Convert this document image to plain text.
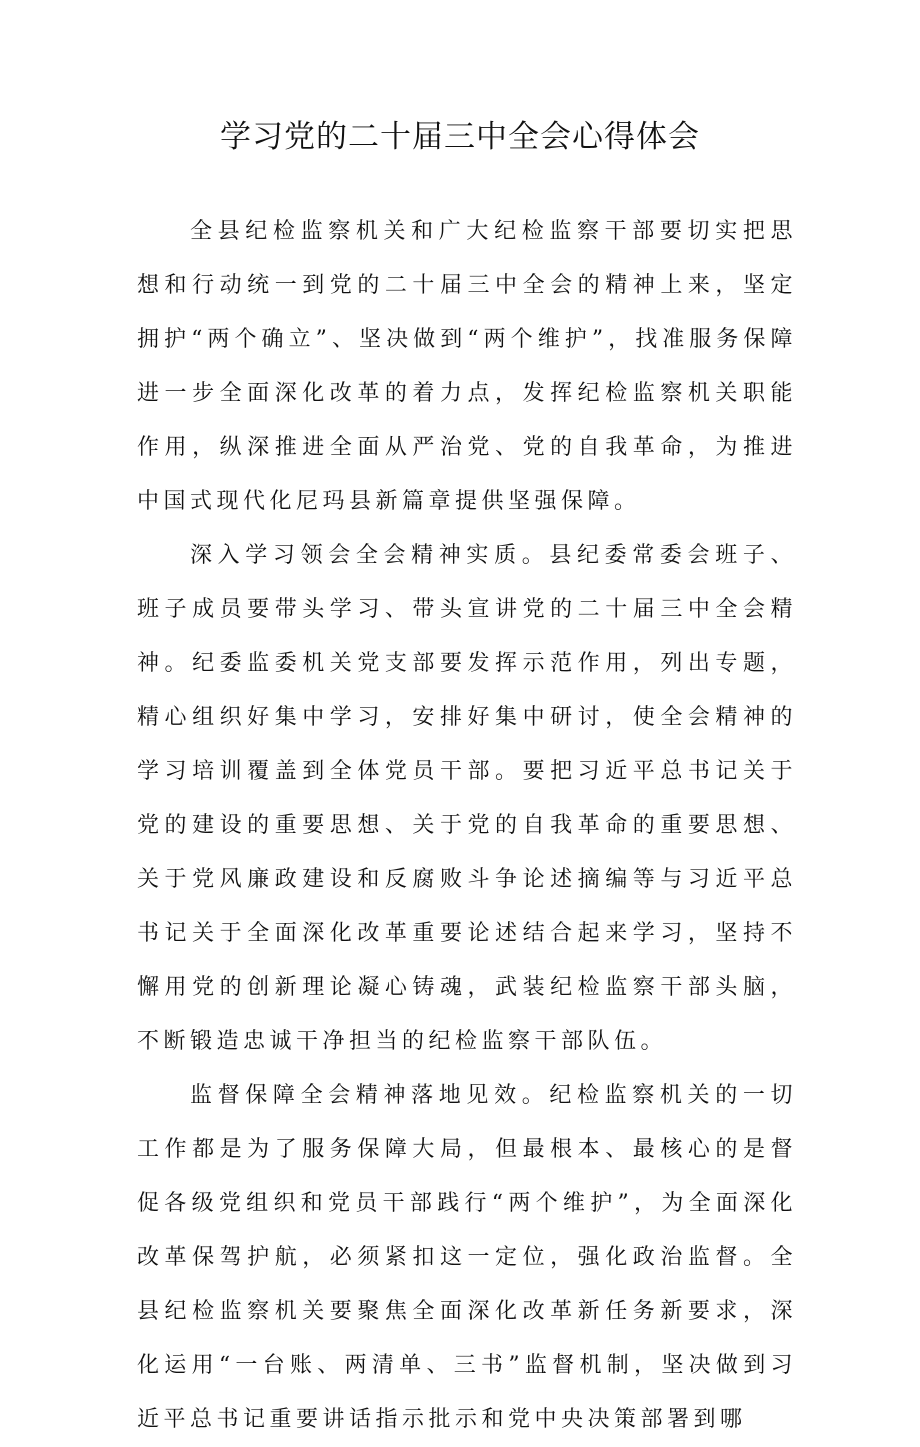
学习党的二十届三中全会心得体会

全县纪检监察机关和广大纪检监察干部要切实把思想和行动统一到党的二十届三中全会的精神上来，坚定拥护“两个确立”、坚决做到“两个维护”，找准服务保障进一步全面深化改革的着力点，发挥纪检监察机关职能作用，纵深推进全面从严治党、党的自我革命，为推进中国式现代化尼玛县新篇章提供坚强保障。

深入学习领会全会精神实质。县纪委常委会班子、班子成员要带头学习、带头宣讲党的二十届三中全会精神。纪委监委机关党支部要发挥示范作用，列出专题，精心组织好集中学习，安排好集中研讨，使全会精神的学习培训覆盖到全体党员干部。要把习近平总书记关于党的建设的重要思想、关于党的自我革命的重要思想、关于党风廉政建设和反腐败斗争论述摘编等与习近平总书记关于全面深化改革重要论述结合起来学习，坚持不懈用党的创新理论凝心铸魂，武装纪检监察干部头脑，不断锻造忠诚干净担当的纪检监察干部队伍。

监督保障全会精神落地见效。纪检监察机关的一切工作都是为了服务保障大局，但最根本、最核心的是督促各级党组织和党员干部践行“两个维护”，为全面深化改革保驾护航，必须紧扣这一定位，强化政治监督。全县纪检监察机关要聚焦全面深化改革新任务新要求，深化运用“一台账、两清单、三书”监督机制，坚决做到习近平总书记重要讲话指示批示和党中央决策部署到哪
